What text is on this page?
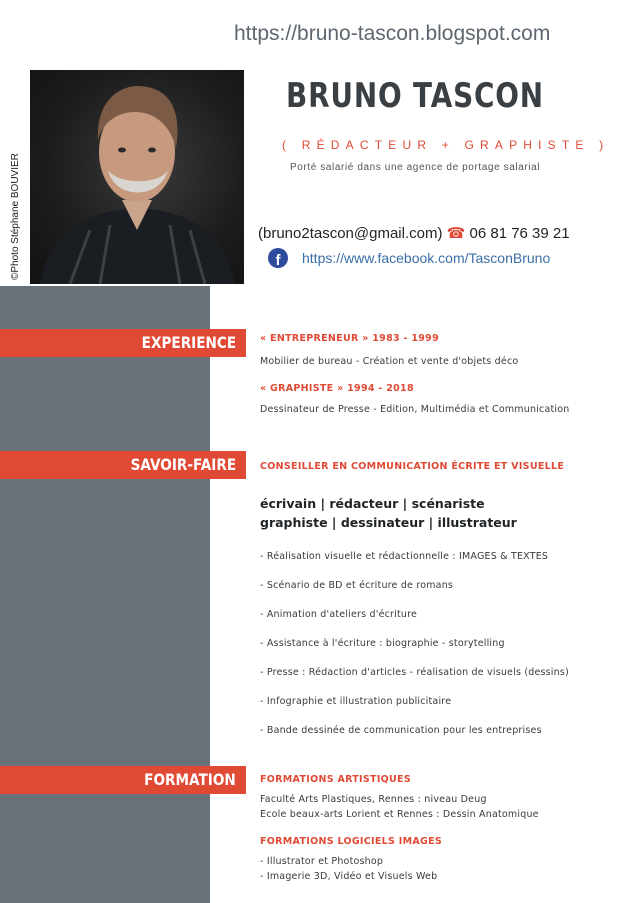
©Photo Stéphane BOUVIER
https://bruno-tascon.blogspot.com
BRUNO TASCON
( RÉDACTEUR + GRAPHISTE )
Porté salarié dans une agence de portage salarial
(bruno2tascon@gmail.com) ☎ 06 81 76 39 21
f	https://www.facebook.com/TasconBruno
EXPERIENCE	« ENTREPRENEUR » 1983 - 1999
Mobilier de bureau - Création et vente d'objets déco
« GRAPHISTE » 1994 - 2018
Dessinateur de Presse - Edition, Multimédia et Communication
SAVOIR-FAIRE	CONSEILLER EN COMMUNICATION ÉCRITE ET VISUELLE
écrivain | rédacteur | scénariste
graphiste | dessinateur | illustrateur
- Réalisation visuelle et rédactionnelle : IMAGES & TEXTES
- Scénario de BD et écriture de romans
- Animation d'ateliers d'écriture
- Assistance à l'écriture : biographie - storytelling
- Presse : Rédaction d'articles - réalisation de visuels (dessins)
- Infographie et illustration publicitaire
- Bande dessinée de communication pour les entreprises
FORMATION	FORMATIONS ARTISTIQUES
Faculté Arts Plastiques, Rennes : niveau Deug
Ecole beaux-arts Lorient et Rennes : Dessin Anatomique
FORMATIONS LOGICIELS IMAGES
- Illustrator et Photoshop
- Imagerie 3D, Vidéo et Visuels Web
